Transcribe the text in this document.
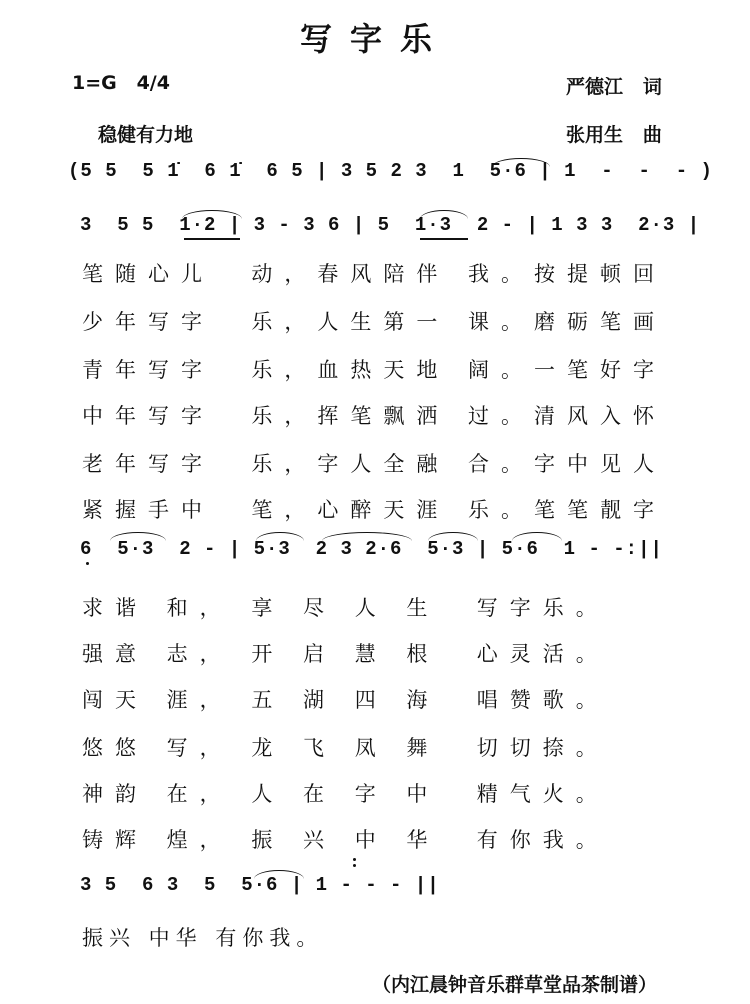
写字乐
1=G   4/4	严德江   词
稳健有力地	张用生   曲
(5 5  5 1̇  6 1̇  6 5 | 3 5 2 3  1  5·6 | 1  -  -  - )
3  5 5  1·2 | 3 - 3 6 | 5  1·3  2 - | 1 3 3  2·3 |
笔随心儿  动，春风陪伴 我。按提顿回
少年写字  乐，人生第一 课。磨砺笔画
青年写字  乐，血热天地 阔。一笔好字
中年写字  乐，挥笔飘洒 过。清风入怀
老年写字  乐，字人全融 合。字中见人
紧握手中  笔，心醉天涯 乐。笔笔靓字
6  5·3  2 - | 5·3  2 3 2·6  5·3 | 5·6  1 - -:||
求谐 和， 享 尽 人 生  写字乐。
强意 志， 开 启 慧 根  心灵活。
闯天 涯， 五 湖 四 海  唱赞歌。
悠悠 写， 龙 飞 凤 舞  切切捺。
神韵 在， 人 在 字 中  精气火。
铸辉 煌， 振 兴 中 华  有你我。
3 5  6 3  5  5·6 | 1 - - - ||
振兴 中华 有你我。
（内江晨钟音乐群草堂品茶制谱）
